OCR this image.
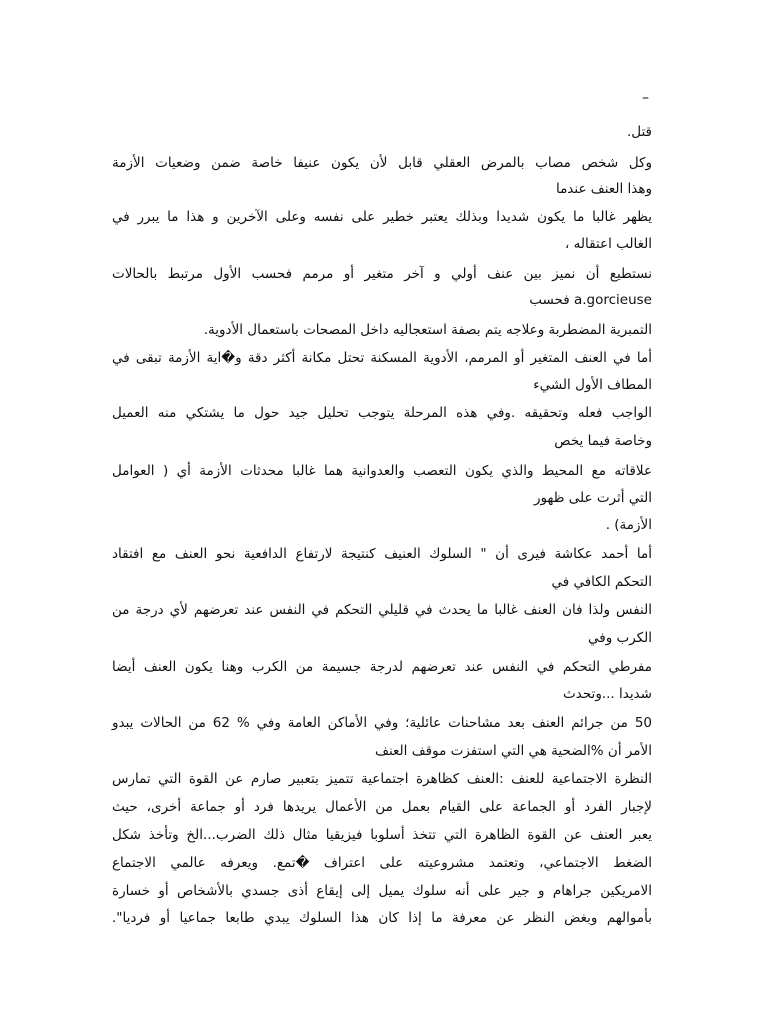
–
قتل.
وكل شخص مصاب بالمرض العقلي قابل لأن يكون عنيفا خاصة ضمن وضعيات الأزمة
وهذا العنف عندما
يظهر غالبا ما يكون شديدا وبذلك يعتبر خطير على نفسه وعلى الآخرين و هذا ما يبرر في
الغالب اعتقاله ،
نستطيع أن نميز بين عنف أولي و آخر متغير أو مرمم فحسب الأول مرتبط بالحالات
a.gorcieuse فحسب
التمبرية المضطربة وعلاجه يتم بصفة استعجاليه داخل المصحات باستعمال الأدوية.
أما في العنف المتغير أو المرمم، الأدوية المسكنة تحتل مكانة أكثر دقة و�اية الأزمة تبقى في
المطاف الأول الشيء
الواجب فعله وتحقيقه .وفي هذه المرحلة يتوجب تحليل جيد حول ما يشتكي منه العميل
وخاصة فيما يخص
علاقاته مع المحيط والذي يكون التعصب والعدوانية هما غالبا محدثات الأزمة أي ( العوامل
التي أثرت على ظهور
الأزمة) .
أما أحمد عكاشة فيرى أن " السلوك العنيف كنتيجة لارتفاع الدافعية نحو العنف مع افتقاد
التحكم الكافي في
النفس ولذا فان العنف غالبا ما يحدث في قليلي التحكم في النفس عند تعرضهم لأي درجة من
الكرب وفي
مفرطي التحكم في النفس عند تعرضهم لدرجة جسيمة من الكرب وهنا يكون العنف أيضا
شديدا ...وتحدث
50 من جرائم العنف بعد مشاحنات عائلية؛ وفي الأماكن العامة وفي % 62 من الحالات يبدو
الأمر أن %الضحية هي التي استفزت موقف العنف
النظرة الاجتماعية للعنف :العنف كظاهرة اجتماعية تتميز بتعبير صارم عن القوة التي تمارس
لإجبار الفرد أو الجماعة على القيام بعمل من الأعمال يريدها فرد أو جماعة أخرى، حيث
يعبر العنف عن القوة الظاهرة التي تتخذ أسلوبا فيزيقيا مثال ذلك الضرب...الخ وتأخذ شكل
الضغط الاجتماعي، وتعتمد مشروعيته على اعتراف �تمع. ويعرفه عالمي الاجتماع
الامريكين جراهام و جير على أنه سلوك يميل إلى إيقاع أذى جسدي بالأشخاص أو خسارة
بأموالهم وبغض النظر عن معرفة ما إذا كان هذا السلوك يبدي طابعا جماعيا أو فرديا".
